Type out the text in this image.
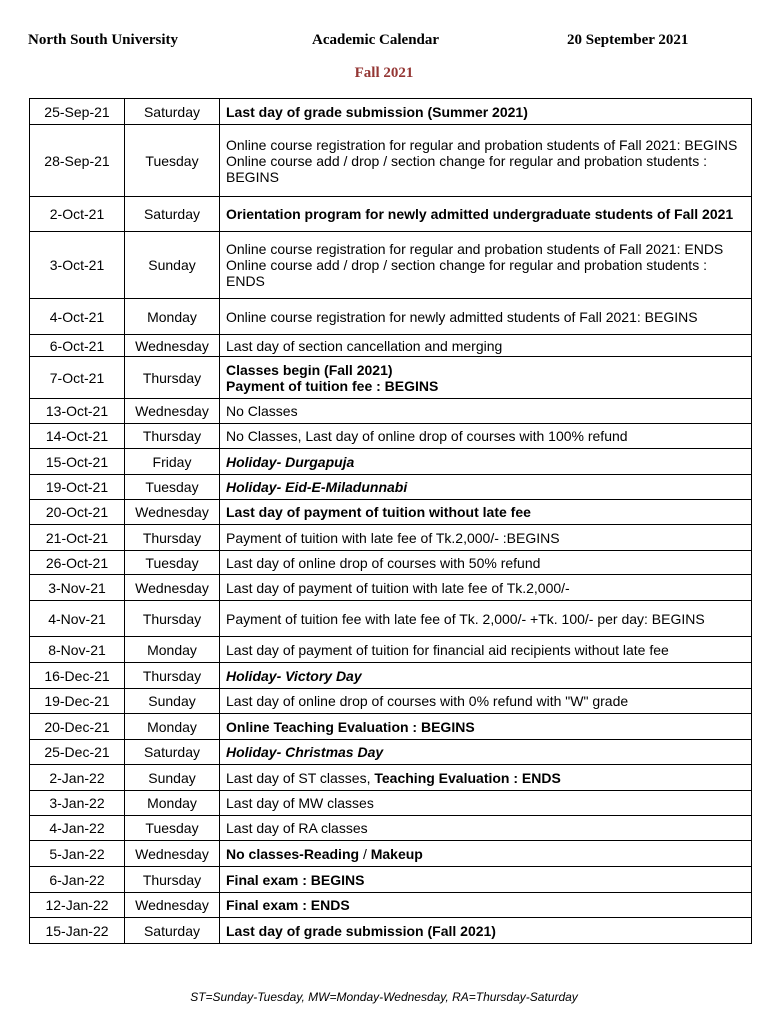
North South University	Academic Calendar	20 September 2021
Fall 2021
25-Sep-21	Saturday	Last day of grade submission (Summer 2021)

28-Sep-21	Tuesday	Online course registration for regular and probation students of Fall 2021: BEGINS
Online course add / drop / section change for regular and probation students : BEGINS

2-Oct-21	Saturday	Orientation program for newly admitted undergraduate students of Fall 2021

3-Oct-21	Sunday	Online course registration for regular and probation students of Fall 2021: ENDS
Online course add / drop / section change for regular and probation students : ENDS

4-Oct-21	Monday	Online course registration for newly admitted students of Fall 2021: BEGINS

6-Oct-21	Wednesday	Last day of section cancellation and merging

7-Oct-21	Thursday	Classes begin (Fall 2021)
Payment of tuition fee : BEGINS

13-Oct-21	Wednesday	No Classes

14-Oct-21	Thursday	No Classes, Last day of online drop of courses with 100% refund

15-Oct-21	Friday	Holiday- Durgapuja

19-Oct-21	Tuesday	Holiday- Eid-E-Miladunnabi

20-Oct-21	Wednesday	Last day of payment of tuition without late fee

21-Oct-21	Thursday	Payment of tuition with late fee of Tk.2,000/- :BEGINS

26-Oct-21	Tuesday	Last day of online drop of courses with 50% refund

3-Nov-21	Wednesday	Last day of payment of tuition with late fee of Tk.2,000/-

4-Nov-21	Thursday	Payment of tuition fee with late fee of Tk. 2,000/- +Tk. 100/- per day: BEGINS

8-Nov-21	Monday	Last day of payment of tuition for financial aid recipients without late fee

16-Dec-21	Thursday	Holiday- Victory Day

19-Dec-21	Sunday	Last day of online drop of courses with 0% refund with "W" grade

20-Dec-21	Monday	Online Teaching Evaluation : BEGINS

25-Dec-21	Saturday	Holiday- Christmas Day

2-Jan-22	Sunday	Last day of ST classes, Teaching Evaluation : ENDS

3-Jan-22	Monday	Last day of MW classes

4-Jan-22	Tuesday	Last day of RA classes

5-Jan-22	Wednesday	No classes-Reading / Makeup

6-Jan-22	Thursday	Final exam : BEGINS

12-Jan-22	Wednesday	Final exam : ENDS

15-Jan-22	Saturday	Last day of grade submission (Fall 2021)
ST=Sunday-Tuesday, MW=Monday-Wednesday, RA=Thursday-Saturday
